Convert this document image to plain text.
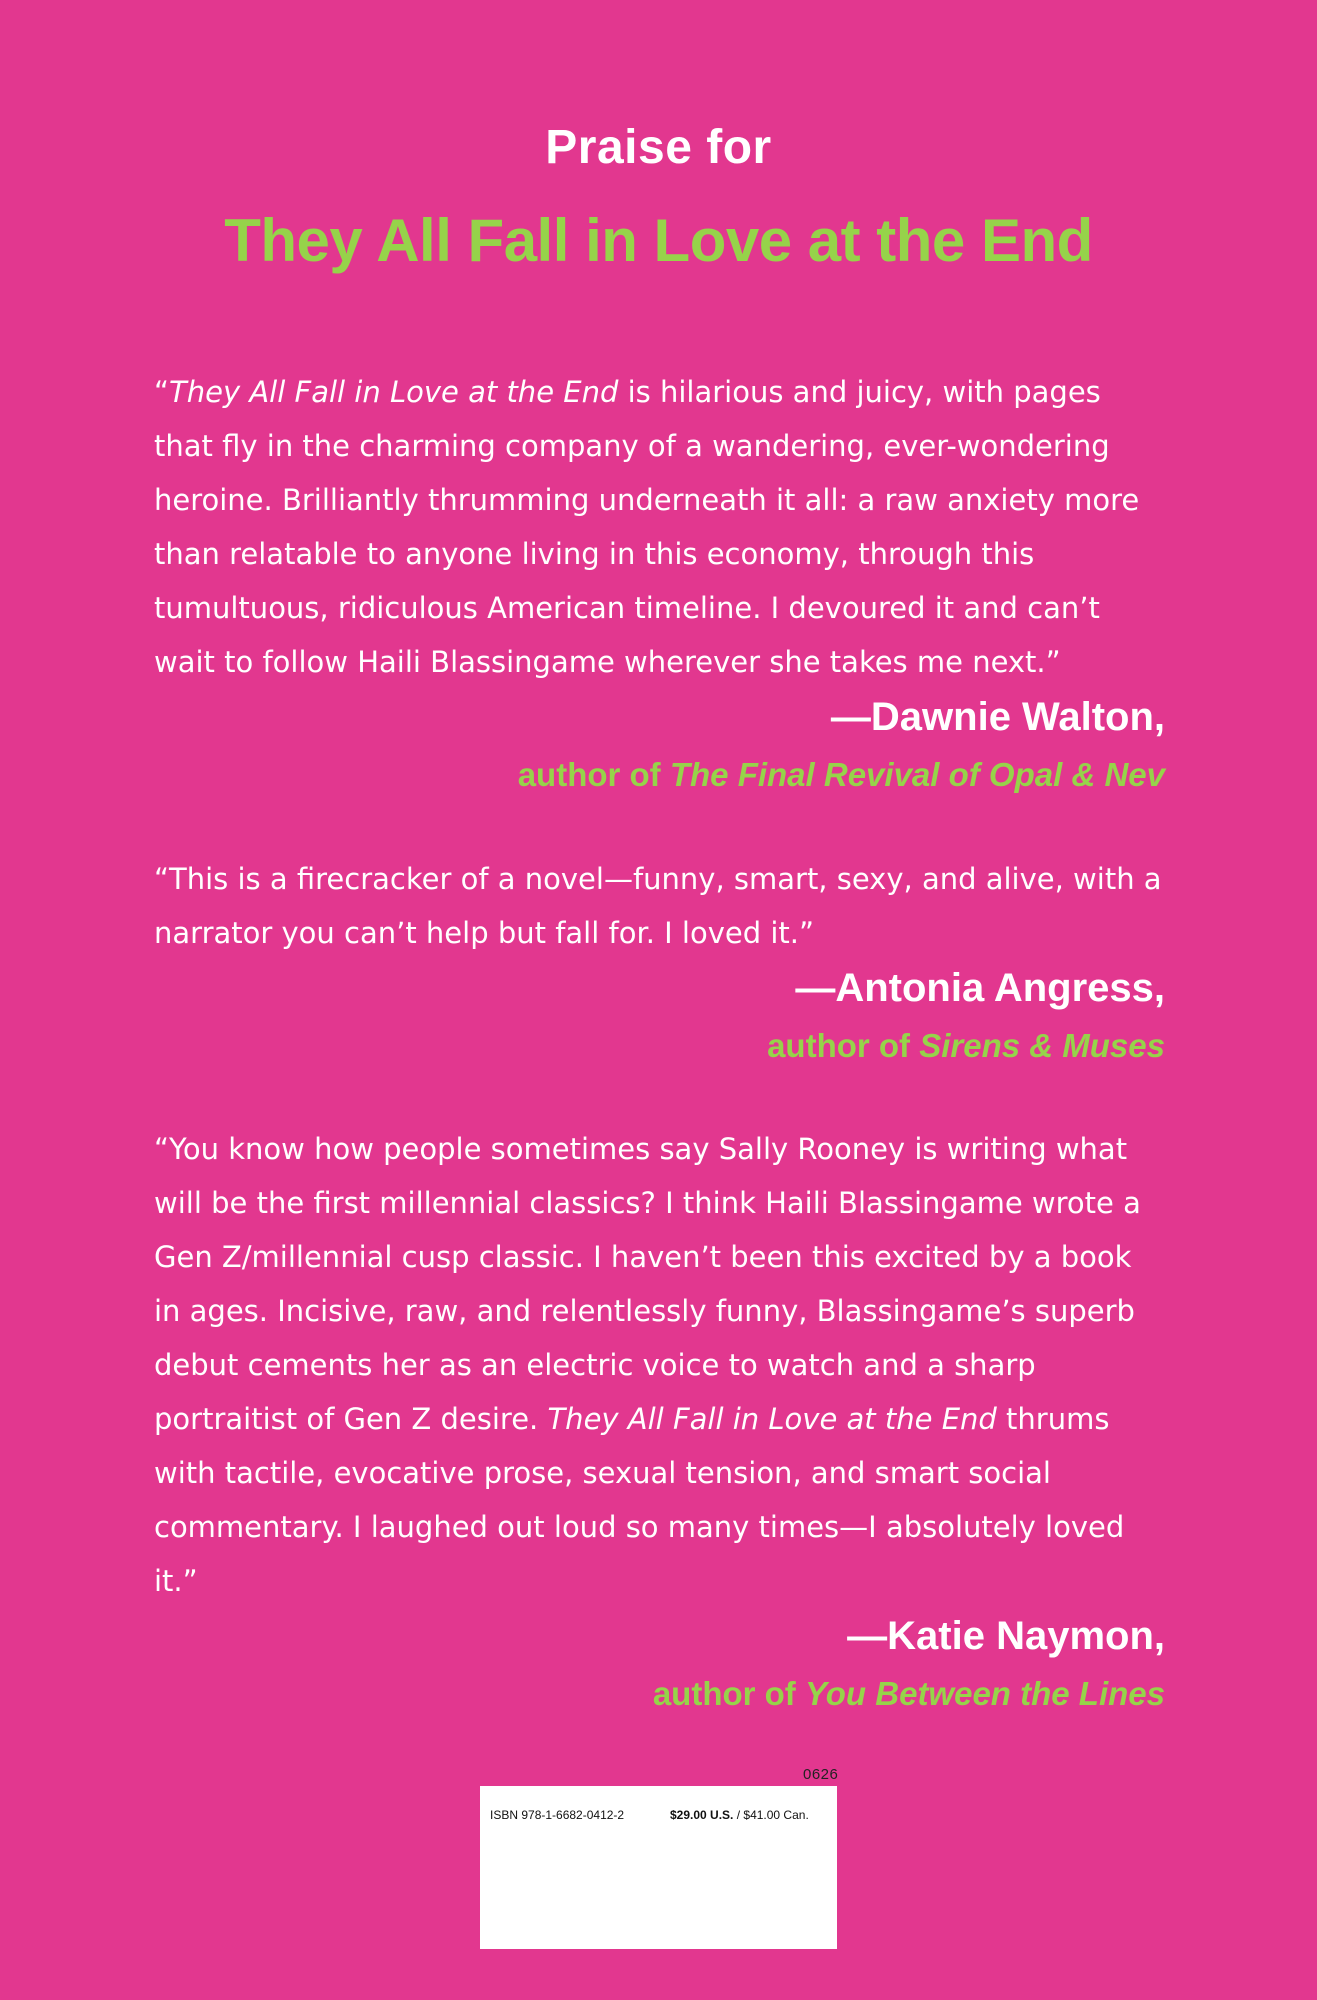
Praise for
They All Fall in Love at the End

“They All Fall in Love at the End is hilarious and juicy, with pages that fly in the charming company of a wandering, ever-wondering heroine. Brilliantly thrumming underneath it all: a raw anxiety more than relatable to anyone living in this economy, through this tumultuous, ridiculous American timeline. I devoured it and can’t wait to follow Haili Blassingame wherever she takes me next.”

—Dawnie Walton,
author of The Final Revival of Opal & Nev

“This is a firecracker of a novel—funny, smart, sexy, and alive, with a narrator you can’t help but fall for. I loved it.”

—Antonia Angress,
author of Sirens & Muses

“You know how people sometimes say Sally Rooney is writing what will be the first millennial classics? I think Haili Blassingame wrote a Gen Z/millennial cusp classic. I haven’t been this excited by a book in ages. Incisive, raw, and relentlessly funny, Blassingame’s superb debut cements her as an electric voice to watch and a sharp portraitist of Gen Z desire. They All Fall in Love at the End thrums with tactile, evocative prose, sexual tension, and smart social commentary. I laughed out loud so many times—I absolutely loved it.”

—Katie Naymon,
author of You Between the Lines
0626
ISBN 978-1-6682-0412-2	$29.00 U.S. / $41.00 Can.
